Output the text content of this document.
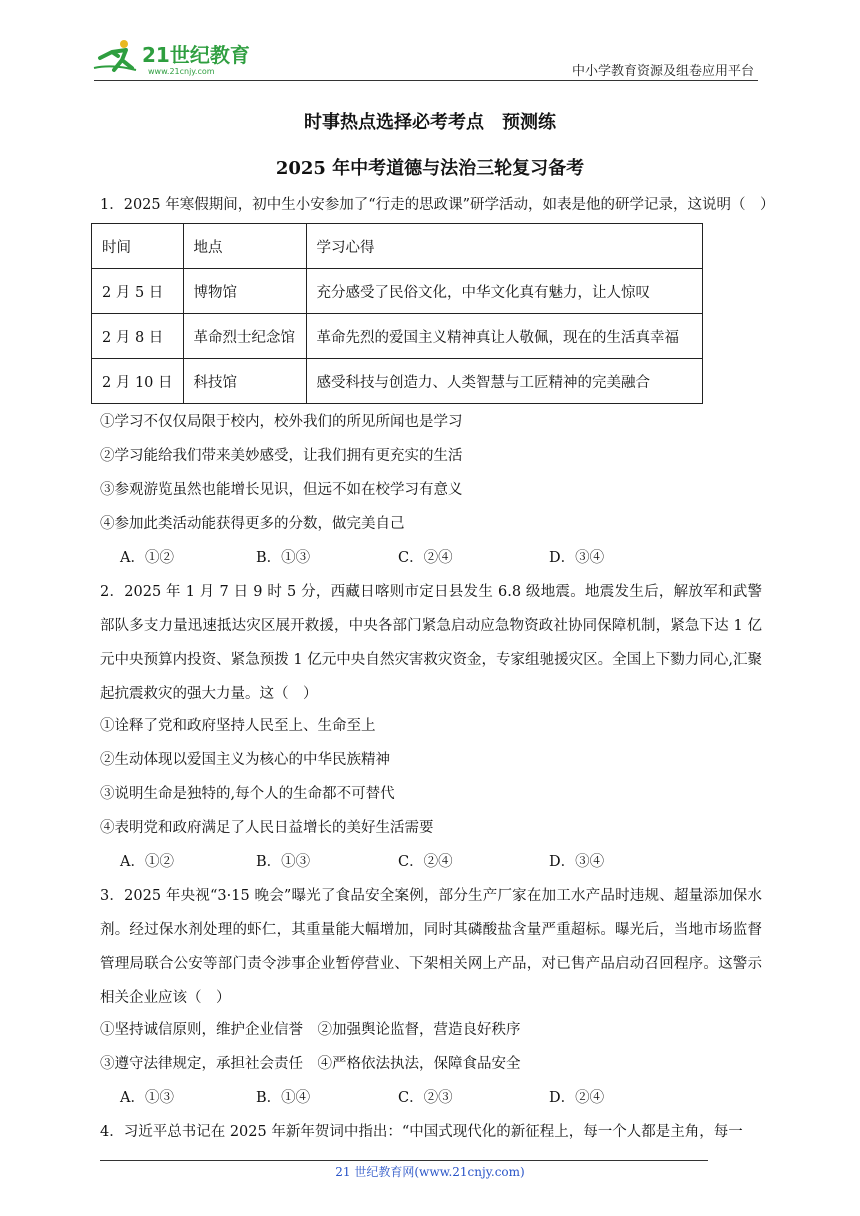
21世纪教育
www.21cnjy.com	中小学教育资源及组卷应用平台
时事热点选择必考考点　预测练
2025 年中考道德与法治三轮复习备考
1．2025 年寒假期间，初中生小安参加了“行走的思政课”研学活动，如表是他的研学记录，这说明（　）
时间	地点	学习心得
2 月 5 日	博物馆	充分感受了民俗文化，中华文化真有魅力，让人惊叹
2 月 8 日	革命烈士纪念馆	革命先烈的爱国主义精神真让人敬佩，现在的生活真幸福
2 月 10 日	科技馆	感受科技与创造力、人类智慧与工匠精神的完美融合
①学习不仅仅局限于校内，校外我们的所见所闻也是学习
②学习能给我们带来美妙感受，让我们拥有更充实的生活
③参观游览虽然也能增长见识，但远不如在校学习有意义
④参加此类活动能获得更多的分数，做完美自己
A．①②	B．①③	C．②④	D．③④
2．2025 年 1 月 7 日 9 时 5 分，西藏日喀则市定日县发生 6.8 级地震。地震发生后，解放军和武警部队多支力量迅速抵达灾区展开救援，中央各部门紧急启动应急物资政社协同保障机制，紧急下达 1 亿元中央预算内投资、紧急预拨 1 亿元中央自然灾害救灾资金，专家组驰援灾区。全国上下勠力同心,汇聚起抗震救灾的强大力量。这（　）
①诠释了党和政府坚持人民至上、生命至上
②生动体现以爱国主义为核心的中华民族精神
③说明生命是独特的,每个人的生命都不可替代
④表明党和政府满足了人民日益增长的美好生活需要
A．①②	B．①③	C．②④	D．③④
3．2025 年央视“3·15 晚会”曝光了食品安全案例，部分生产厂家在加工水产品时违规、超量添加保水剂。经过保水剂处理的虾仁，其重量能大幅增加，同时其磷酸盐含量严重超标。曝光后，当地市场监督管理局联合公安等部门责令涉事企业暂停营业、下架相关网上产品，对已售产品启动召回程序。这警示相关企业应该（　）
①坚持诚信原则，维护企业信誉　②加强舆论监督，营造良好秩序
③遵守法律规定，承担社会责任　④严格依法执法，保障食品安全
A．①③	B．①④	C．②③	D．②④
4．习近平总书记在 2025 年新年贺词中指出：“中国式现代化的新征程上，每一个人都是主角，每一
21 世纪教育网(www.21cnjy.com)
